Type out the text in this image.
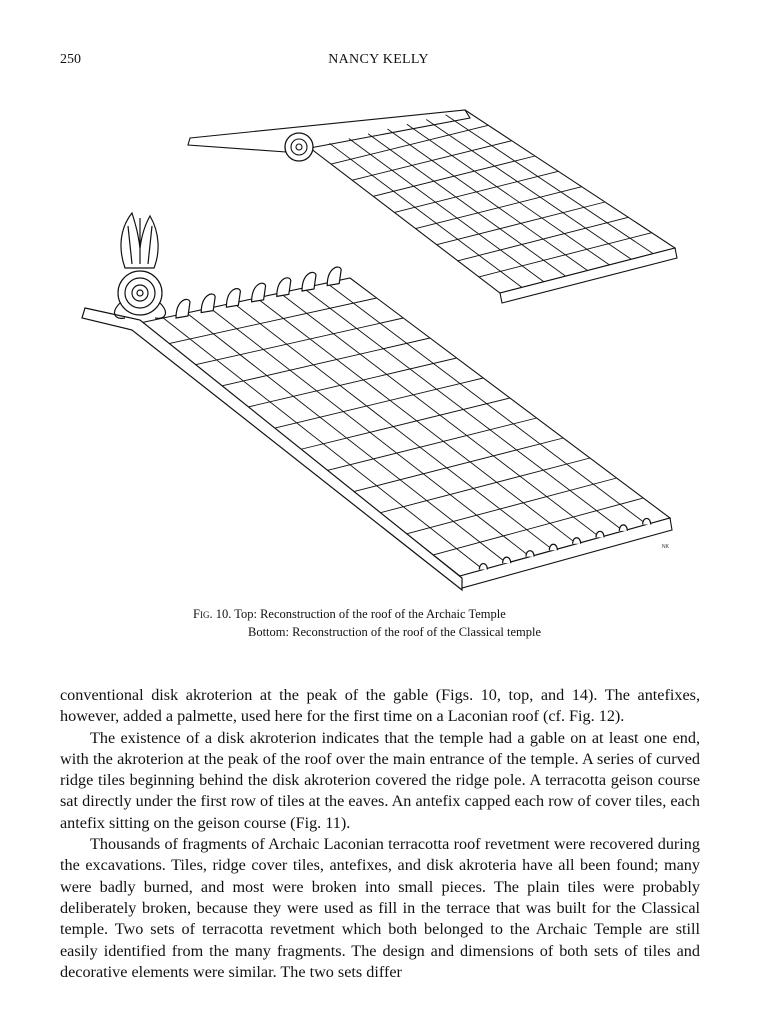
250	NANCY KELLY
NK
Fig. 10. Top: Reconstruction of the roof of the Archaic Temple
Bottom: Reconstruction of the roof of the Classical temple

conventional disk akroterion at the peak of the gable (Figs. 10, top, and 14). The antefixes, however, added a palmette, used here for the first time on a Laconian roof (cf. Fig. 12).

The existence of a disk akroterion indicates that the temple had a gable on at least one end, with the akroterion at the peak of the roof over the main entrance of the temple. A series of curved ridge tiles beginning behind the disk akroterion covered the ridge pole. A terracotta geison course sat directly under the first row of tiles at the eaves. An antefix capped each row of cover tiles, each antefix sitting on the geison course (Fig. 11).

Thousands of fragments of Archaic Laconian terracotta roof revetment were recovered during the excavations. Tiles, ridge cover tiles, antefixes, and disk akroteria have all been found; many were badly burned, and most were broken into small pieces. The plain tiles were probably deliberately broken, because they were used as fill in the terrace that was built for the Classical temple. Two sets of terracotta revetment which both belonged to the Archaic Temple are still easily identified from the many fragments. The design and dimensions of both sets of tiles and decorative elements were similar. The two sets differ
